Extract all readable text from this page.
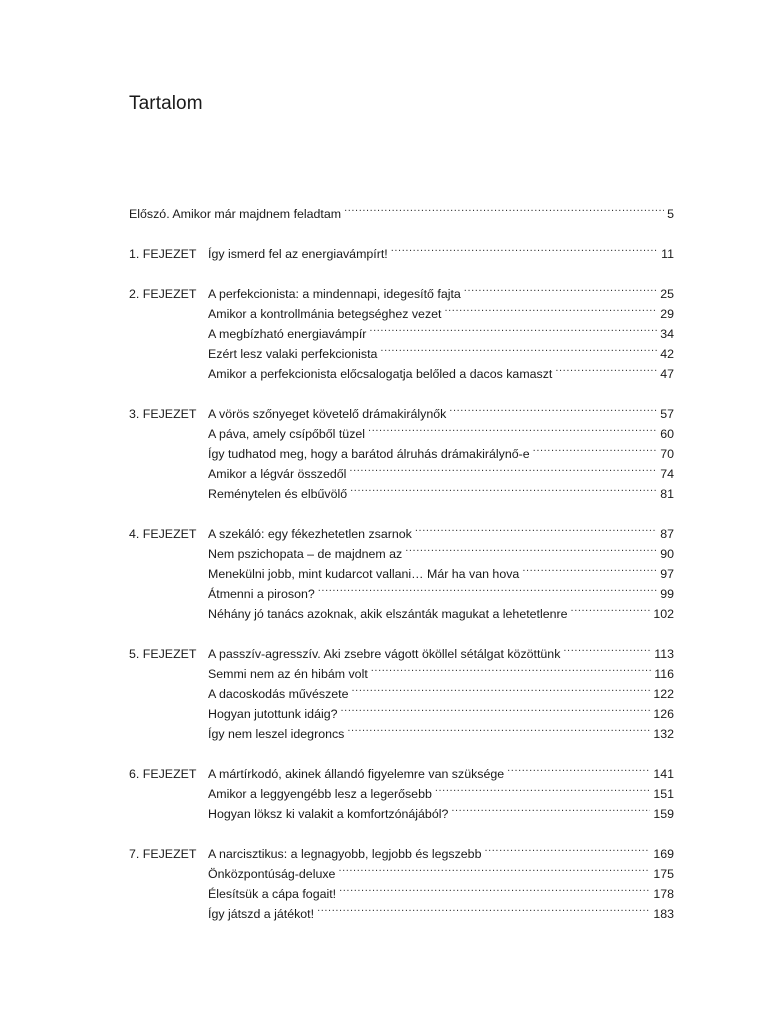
Tartalom
Előszó. Amikor már majdnem feladtam .....	5
1. FEJEZET Így ismerd fel az energiavámpírt! .....	11
2. FEJEZET A perfekcionista: a mindennapi, idegesítő fajta .....	25
Amikor a kontrollmánia betegséghez vezet .....	29
A megbízható energiavámpír .....	34
Ezért lesz valaki perfekcionista .....	42
Amikor a perfekcionista előcsalogatja belőled a dacos kamaszt .....	47
3. FEJEZET A vörös szőnyeget követelő drámakirálynők .....	57
A páva, amely csípőből tüzel .....	60
Így tudhatod meg, hogy a barátod álruhás drámakirálynő-e .....	70
Amikor a légvár összedől .....	74
Reménytelen és elbűvölő .....	81
4. FEJEZET A szekáló: egy fékezhetetlen zsarnok .....	87
Nem pszichopata – de majdnem az .....	90
Menekülni jobb, mint kudarcot vallani… Már ha van hova .....	97
Átmenni a piroson? .....	99
Néhány jó tanács azoknak, akik elszánták magukat a lehetetlenre .....	102
5. FEJEZET A passzív-agresszív. Aki zsebre vágott ököllel sétálgat közöttünk .....	113
Semmi nem az én hibám volt .....	116
A dacoskodás művészete .....	122
Hogyan jutottunk idáig? .....	126
Így nem leszel idegroncs .....	132
6. FEJEZET A mártírkodó, akinek állandó figyelemre van szüksége .....	141
Amikor a leggyengébb lesz a legerősebb .....	151
Hogyan löksz ki valakit a komfortzónájából? .....	159
7. FEJEZET A narcisztikus: a legnagyobb, legjobb és legszebb .....	169
Önközpontúság-deluxe .....	175
Élesítsük a cápa fogait! .....	178
Így játszd a játékot! .....	183
